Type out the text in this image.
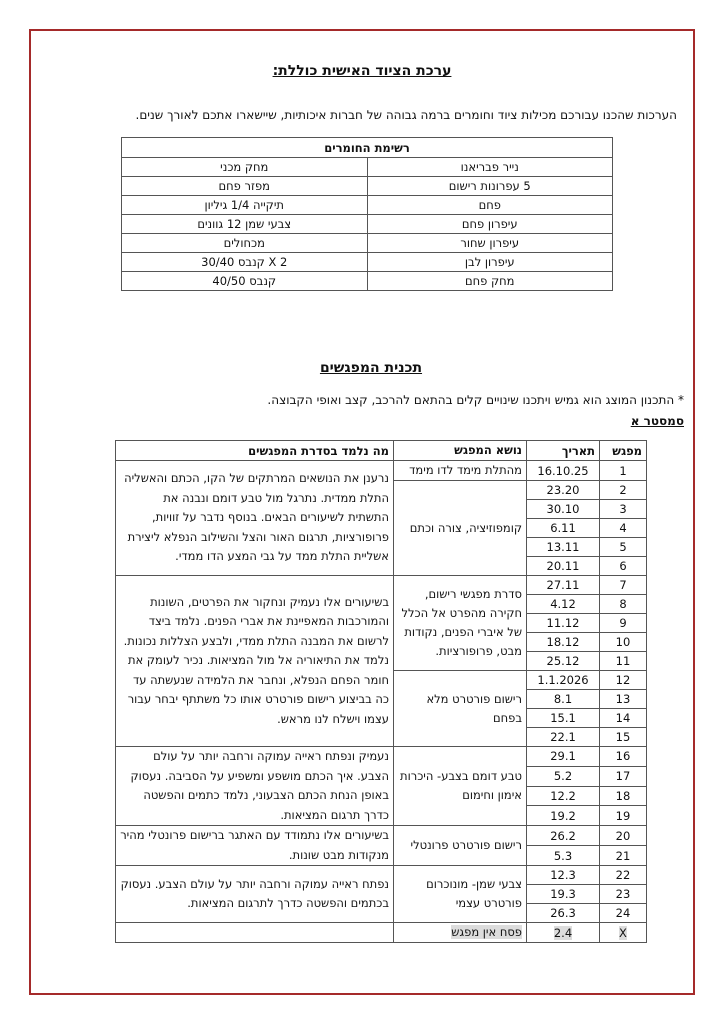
ערכת הציוד האישית כוללת:
הערכות שהכנו עבורכם מכילות ציוד וחומרים ברמה גבוהה של חברות איכותיות, שיישארו אתכם לאורך שנים.
רשימת החומרים	
נייר פבריאנו	מחק מכני
5 עפרונות רישום	מפזר פחם
פחם	תיקייה 1/4 גיליון
עיפרון פחם	צבעי שמן 12 גוונים
עיפרון שחור	מכחולים
עיפרון לבן	2 X קנבס 30/40
מחק פחם	קנבס 40/50
תכנית המפגשים
* התכנון המוצג הוא גמיש ויתכנו שינויים קלים בהתאם להרכב, קצב ואופי הקבוצה.
סמסטר א
מפגש	תאריך	נושא המפגש	מה נלמד בסדרת המפגשים
1	16.10.25	מהתלת מימד לדו מימד	נרענן את הנושאים המרתקים של הקו, הכתם והאשליה התלת ממדית. נתרגל מול טבע דומם ונבנה את התשתית לשיעורים הבאים. בנוסף נדבר על זוויות, פרופורציות, תרגום האור והצל והשילוב הנפלא ליצירת אשליית התלת ממד על גבי המצע הדו ממדי.
2	23.20	קומפוזיציה, צורה וכתם	
3	30.10		
4	6.11		
5	13.11		
6	20.11		
7	27.11	סדרת מפגשי רישום, חקירה מהפרט אל הכלל של איברי הפנים, נקודות מבט, פרופורציות.	בשיעורים אלו נעמיק ונחקור את הפרטים, השונות והמורכבות המאפיינת את אברי הפנים. נלמד ביצד לרשום את המבנה התלת ממדי, ולבצע הצללות נכונות. נלמד את התיאוריה אל מול המציאות. נכיר לעומק את חומר הפחם הנפלא, ונחבר את הלמידה שנעשתה עד כה בביצוע רישום פורטרט אותו כל משתתף יבחר עבור עצמו וישלח לנו מראש.
8	4.12		
9	11.12		
10	18.12		
11	25.12		
12	1.1.2026	רישום פורטרט מלא בפחם	
13	8.1		
14	15.1		
15	22.1		
16	29.1	טבע דומם בצבע- היכרות אימון וחימום	נעמיק ונפתח ראייה עמוקה ורחבה יותר על עולם הצבע. איך הכתם מושפע ומשפיע על הסביבה. נעסוק באופן הנחת הכתם הצבעוני, נלמד כתמים והפשטה כדרך תרגום המציאות.
17	5.2		
18	12.2		
19	19.2		
20	26.2	רישום פורטרט פרונטלי	בשיעורים אלו נתמודד עם האתגר ברישום פרונטלי מהיר מנקודות מבט שונות.
21	5.3		
22	12.3	צבעי שמן- מונוכרום פורטרט עצמי	נפתח ראייה עמוקה ורחבה יותר על עולם הצבע. נעסוק בכתמים והפשטה כדרך לתרגום המציאות.
23	19.3		
24	26.3		
X	2.4	פסח אין מפגש	
